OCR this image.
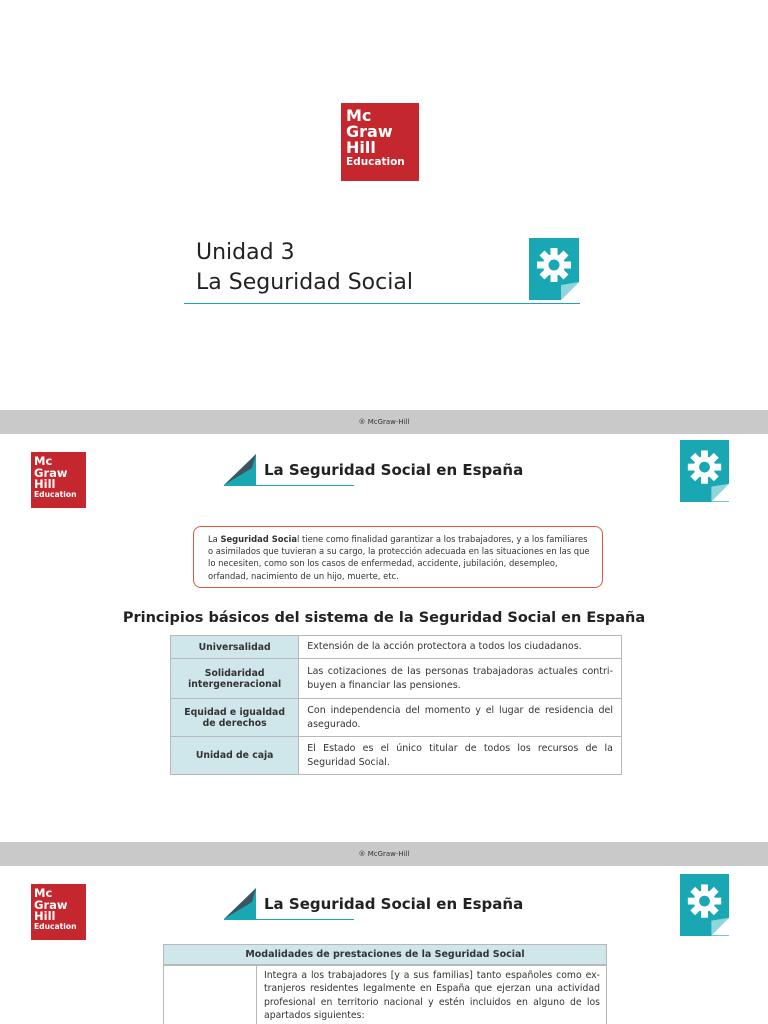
Mc
Graw
Hill
Education
Unidad 3
La Seguridad Social
® McGraw-Hill
Mc
Graw
Hill
Education
La Seguridad Social en España
La Seguridad Social tiene como finalidad garantizar a los trabajadores, y a los familiares o asimilados que tuvieran a su cargo, la protección adecuada en las situaciones en las que lo necesiten, como son los casos de enfermedad, accidente, jubilación, desempleo, orfandad, nacimiento de un hijo, muerte, etc.
Principios básicos del sistema de la Seguridad Social en España
Universalidad	Extensión de la acción protectora a todos los ciudadanos.
Solidaridad intergeneracional	Las cotizaciones de las personas trabajadoras actuales contri-buyen a financiar las pensiones.
Equidad e igualdad de derechos	Con independencia del momento y el lugar de residencia del asegurado.
Unidad de caja	El Estado es el único titular de todos los recursos de la Seguridad Social.
® McGraw-Hill
Mc
Graw
Hill
Education
La Seguridad Social en España
Modalidades de prestaciones de la Seguridad Social
Integra a los trabajadores [y a sus familias] tanto españoles como ex-tranjeros residentes legalmente en España que ejerzan una actividad profesional en territorio nacional y estén incluidos en alguno de los apartados siguientes:
